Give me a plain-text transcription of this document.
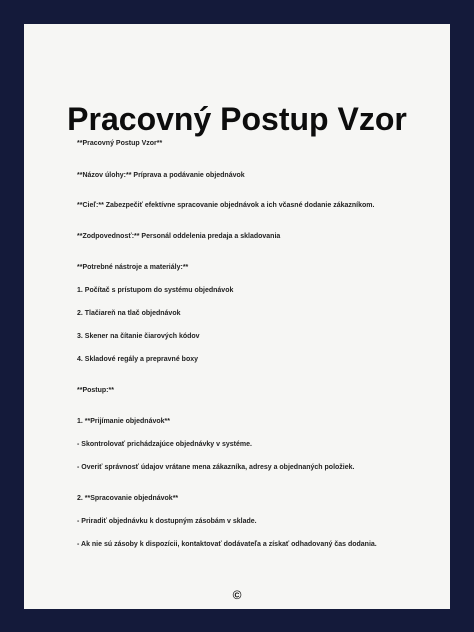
Pracovný Postup Vzor

**Pracovný Postup Vzor**

**Názov úlohy:** Príprava a podávanie objednávok

**Cieľ:** Zabezpečiť efektívne spracovanie objednávok a ich včasné dodanie zákazníkom.

**Zodpovednosť:** Personál oddelenia predaja a skladovania

**Potrebné nástroje a materiály:**

1. Počítač s prístupom do systému objednávok

2. Tlačiareň na tlač objednávok

3. Skener na čítanie čiarových kódov

4. Skladové regály a prepravné boxy

**Postup:**

1. **Prijímanie objednávok**

- Skontrolovať prichádzajúce objednávky v systéme.

- Overiť správnosť údajov vrátane mena zákazníka, adresy a objednaných položiek.

2. **Spracovanie objednávok**

- Priradiť objednávku k dostupným zásobám v sklade.

- Ak nie sú zásoby k dispozícii, kontaktovať dodávateľa a získať odhadovaný čas dodania.

©
